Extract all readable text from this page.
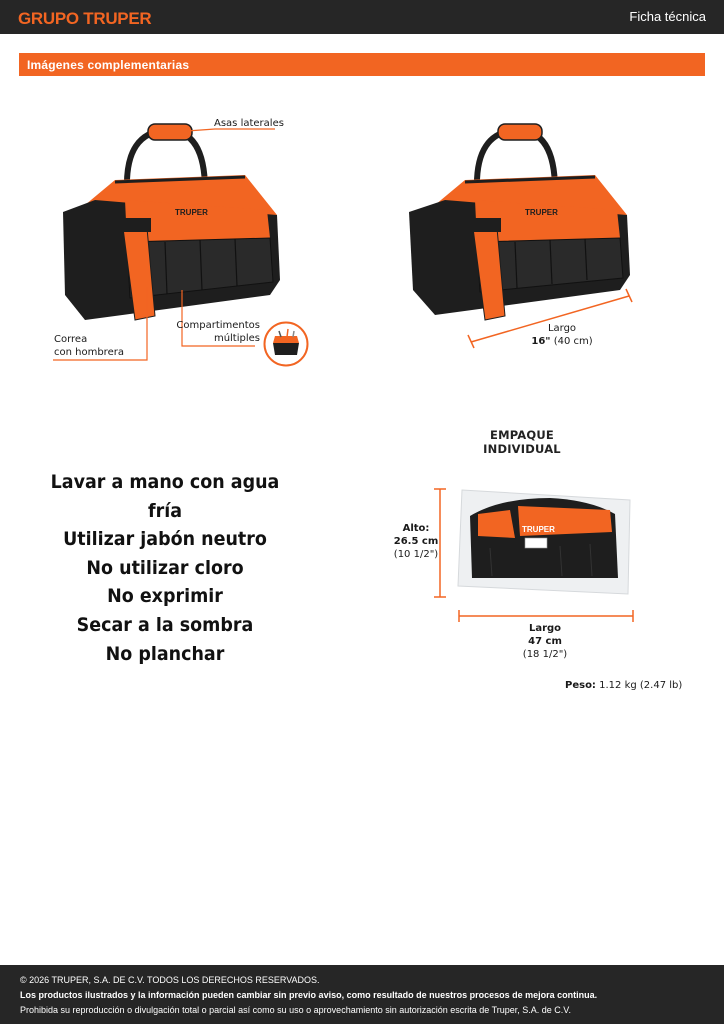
GRUPO TRUPER	Ficha técnica
Imágenes complementarias
TRUPER
Asas laterales
Correa
con hombrera
Compartimentos
múltiples
TRUPER
Largo
16" (40 cm)
EMPAQUE INDIVIDUAL
TRUPER
Alto:
26.5 cm
(10 1/2")
Largo
47 cm
(18 1/2")
Peso: 1.12 kg (2.47 lb)
Lavar a mano con agua fría
Utilizar jabón neutro
No utilizar cloro
No exprimir
Secar a la sombra
No planchar
© 2026 TRUPER, S.A. DE C.V. TODOS LOS DERECHOS RESERVADOS.
Los productos ilustrados y la información pueden cambiar sin previo aviso, como resultado de nuestros procesos de mejora continua.
Prohibida su reproducción o divulgación total o parcial así como su uso o aprovechamiento sin autorización escrita de Truper, S.A. de C.V.
